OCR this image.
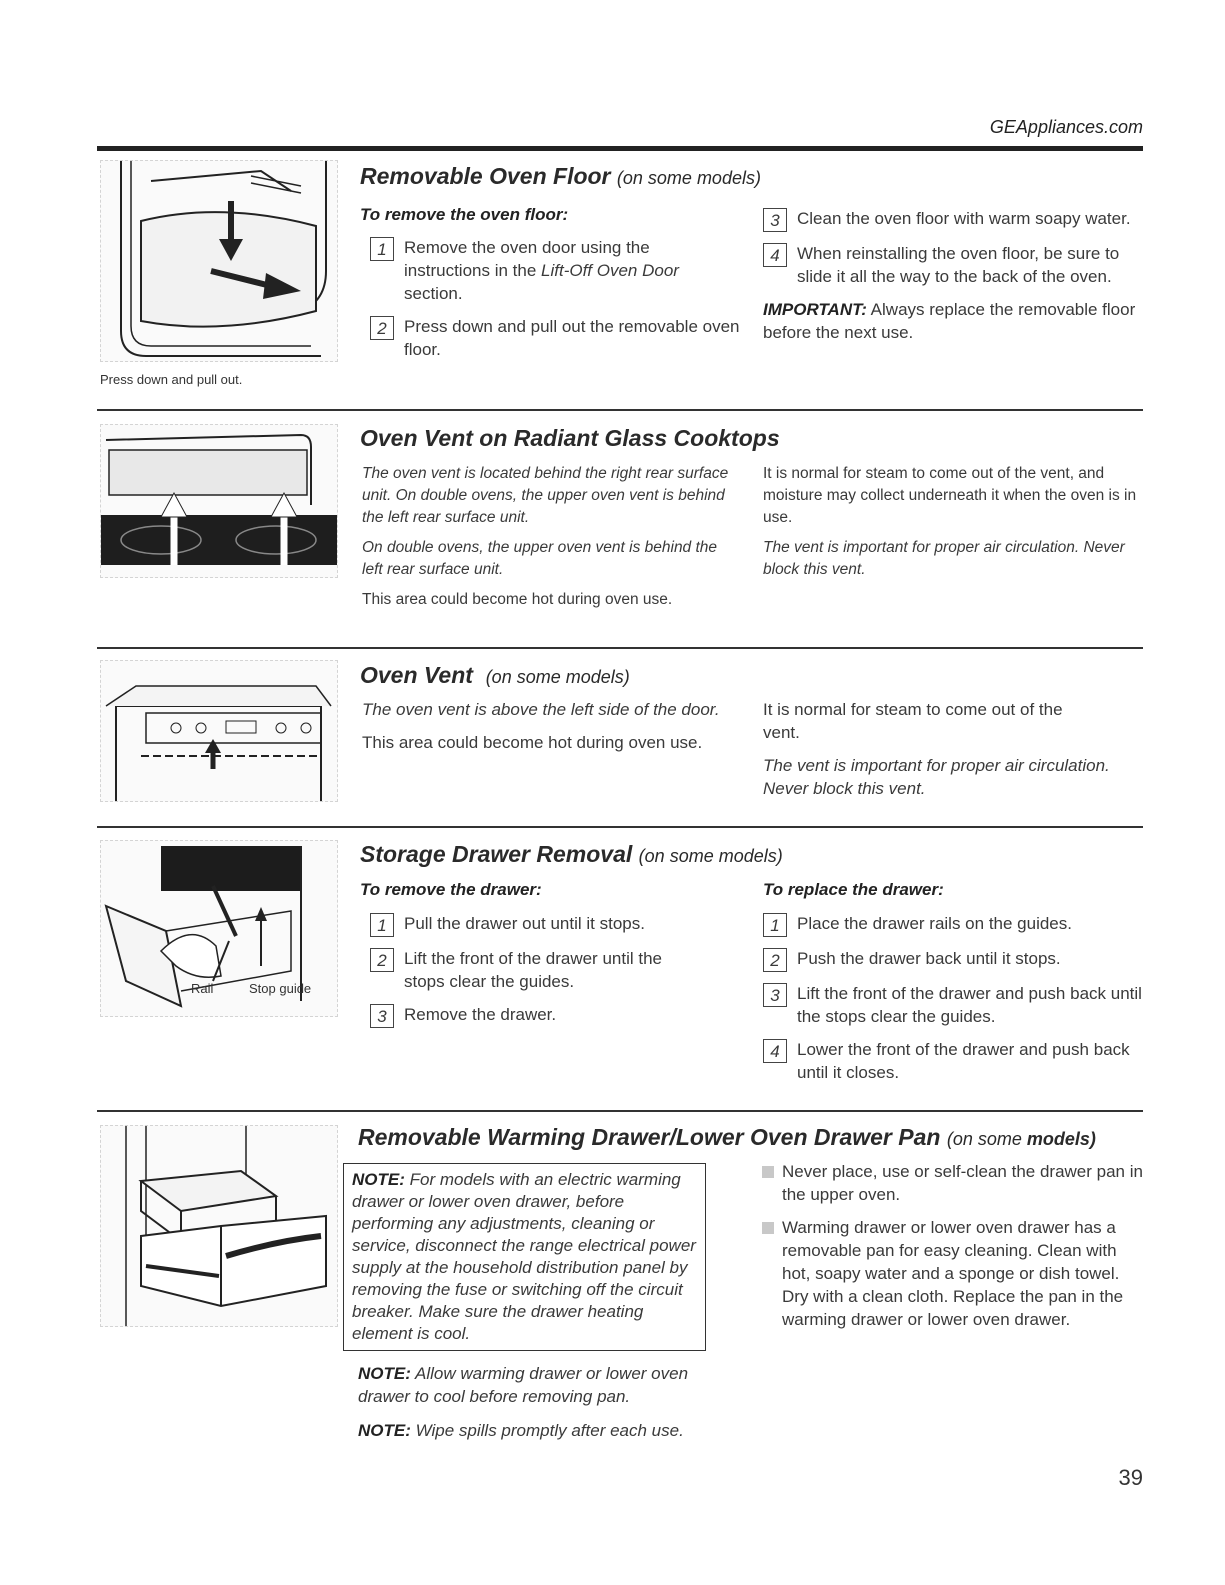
GEAppliances.com
Press down and pull out.
Removable Oven Floor (on some models)
To remove the oven floor:
1	Remove the oven door using the instructions in the Lift-Off Oven Door section.
2	Press down and pull out the removable oven floor.
3	Clean the oven floor with warm soapy water.
4	When reinstalling the oven floor, be sure to slide it all the way to the back of the oven.
IMPORTANT: Always replace the removable floor before the next use.
Oven Vent on Radiant Glass Cooktops
The oven vent is located behind the right rear surface unit. On double ovens, the upper oven vent is behind the left rear surface unit.
On double ovens, the upper oven vent is behind the left rear surface unit.
This area could become hot during oven use.
It is normal for steam to come out of the vent, and moisture may collect underneath it when the oven is in use.
The vent is important for proper air circulation. Never block this vent.
Oven Vent (on some models)
The oven vent is above the left side of the door.
This area could become hot during oven use.
It is normal for steam to come out of the vent.
The vent is important for proper air circulation. Never block this vent.
Rail	Stop guide
Storage Drawer Removal (on some models)
To remove the drawer:
1	Pull the drawer out until it stops.
2	Lift the front of the drawer until the stops clear the guides.
3	Remove the drawer.
To replace the drawer:
1	Place the drawer rails on the guides.
2	Push the drawer back until it stops.
3	Lift the front of the drawer and push back until the stops clear the guides.
4	Lower the front of the drawer and push back until it closes.
Removable Warming Drawer/Lower Oven Drawer Pan (on some models)
NOTE: For models with an electric warming drawer or lower oven drawer, before performing any adjustments, cleaning or service, disconnect the range electrical power supply at the household distribution panel by removing the fuse or switching off the circuit breaker. Make sure the drawer heating element is cool.
NOTE: Allow warming drawer or lower oven drawer to cool before removing pan.
NOTE: Wipe spills promptly after each use.
Never place, use or self-clean the drawer pan in the upper oven.
Warming drawer or lower oven drawer has a removable pan for easy cleaning. Clean with hot, soapy water and a sponge or dish towel. Dry with a clean cloth. Replace the pan in the warming drawer or lower oven drawer.
39
